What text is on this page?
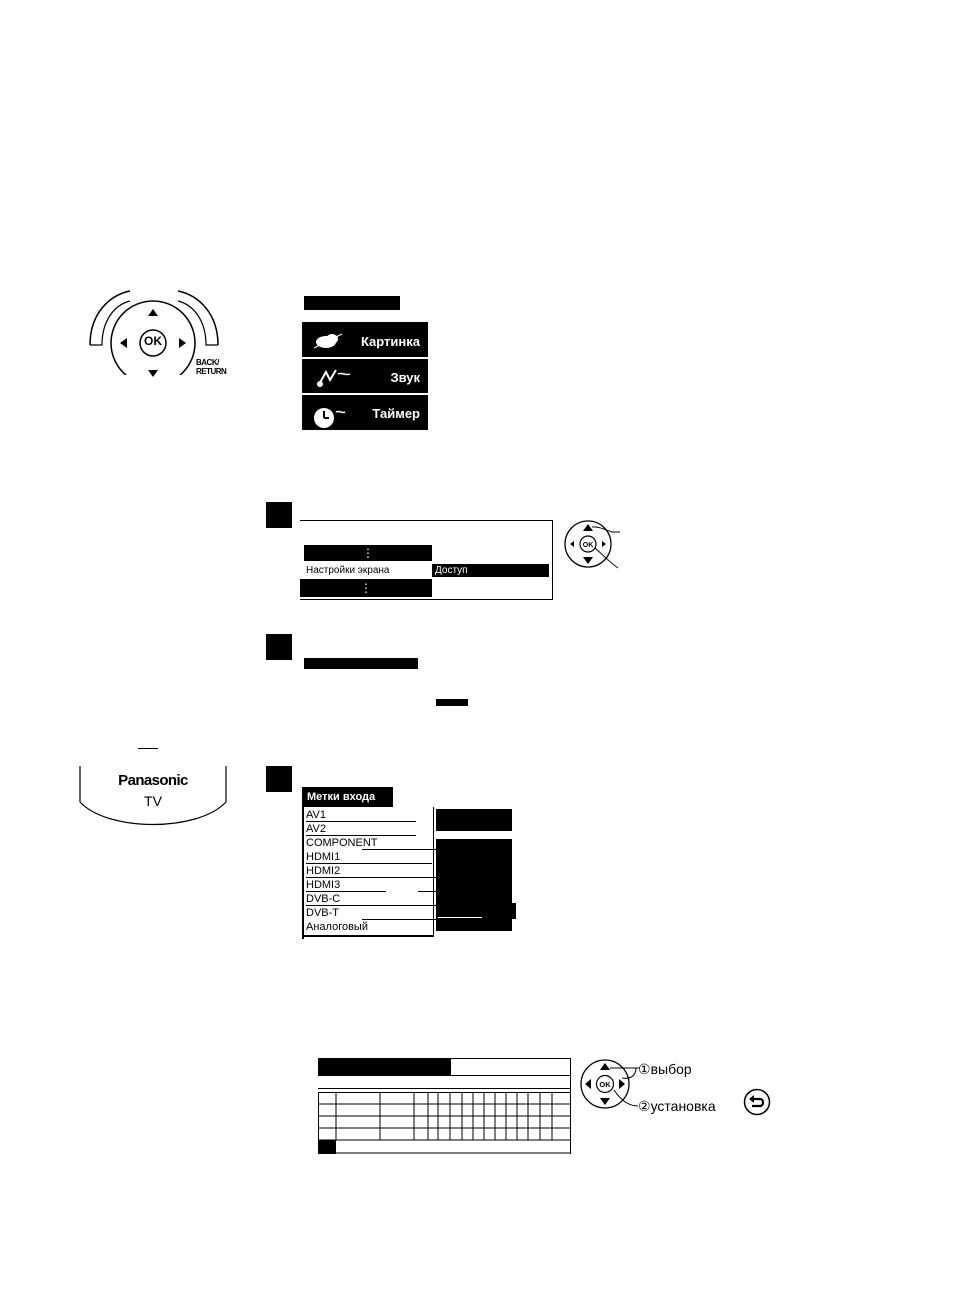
OK
BACK/
RETURN
Картинка
Звук
Таймер
⋮
Настройки экрана	Доступ
⋮
OK
Panasonic
TV	Метки входа
AV1
AV2
COMPONENT
HDMI1
HDMI2
HDMI3
DVB-C
DVB-T
Аналоговый
OK
①выбор
②установка
